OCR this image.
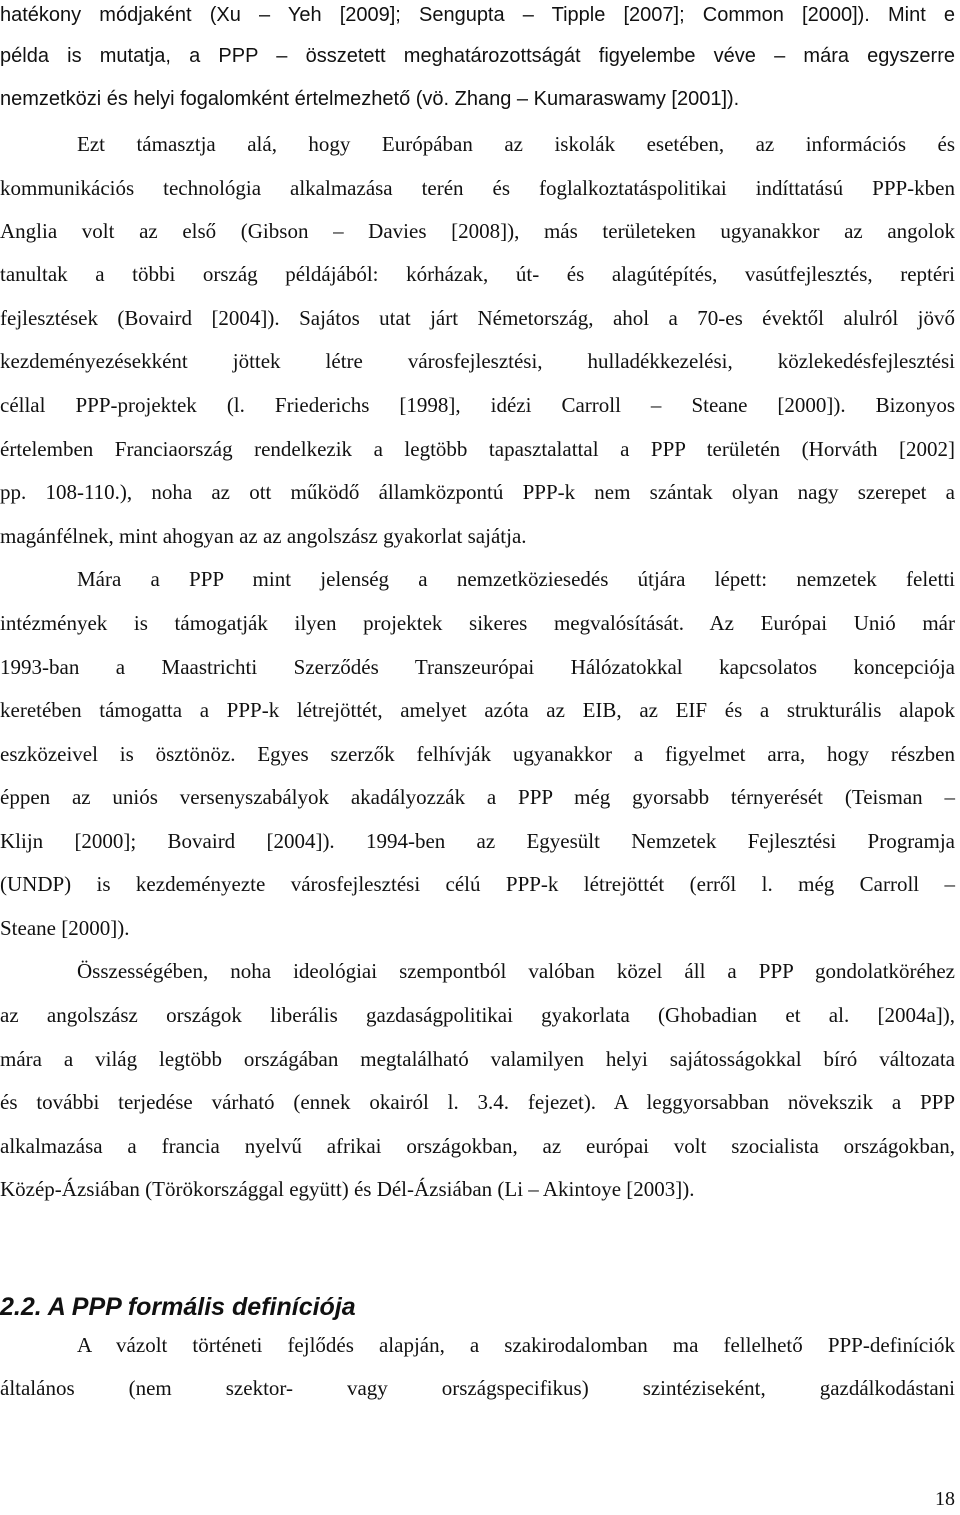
hatékony módjaként (Xu – Yeh [2009]; Sengupta – Tipple [2007]; Common [2000]). Mint e
példa is mutatja, a PPP – összetett meghatározottságát figyelembe véve – mára egyszerre
nemzetközi és helyi fogalomként értelmezhető (vö. Zhang – Kumaraswamy [2001]).
Ezt támasztja alá, hogy Európában az iskolák esetében, az információs és
kommunikációs technológia alkalmazása terén és foglalkoztatáspolitikai indíttatású PPP-kben
Anglia volt az első (Gibson – Davies [2008]), más területeken ugyanakkor az angolok
tanultak a többi ország példájából: kórházak, út- és alagútépítés, vasútfejlesztés, reptéri
fejlesztések (Bovaird [2004]). Sajátos utat járt Németország, ahol a 70-es évektől alulról jövő
kezdeményezésekként jöttek létre városfejlesztési, hulladékkezelési, közlekedésfejlesztési
céllal PPP-projektek (l. Friederichs [1998], idézi Carroll – Steane [2000]). Bizonyos
értelemben Franciaország rendelkezik a legtöbb tapasztalattal a PPP területén (Horváth [2002]
pp. 108-110.), noha az ott működő államközpontú PPP-k nem szántak olyan nagy szerepet a
magánfélnek, mint ahogyan az az angolszász gyakorlat sajátja.
Mára a PPP mint jelenség a nemzetköziesedés útjára lépett: nemzetek feletti
intézmények is támogatják ilyen projektek sikeres megvalósítását. Az Európai Unió már
1993-ban a Maastrichti Szerződés Transzeurópai Hálózatokkal kapcsolatos koncepciója
keretében támogatta a PPP-k létrejöttét, amelyet azóta az EIB, az EIF és a strukturális alapok
eszközeivel is ösztönöz. Egyes szerzők felhívják ugyanakkor a figyelmet arra, hogy részben
éppen az uniós versenyszabályok akadályozzák a PPP még gyorsabb térnyerését (Teisman –
Klijn [2000]; Bovaird [2004]). 1994-ben az Egyesült Nemzetek Fejlesztési Programja
(UNDP) is kezdeményezte városfejlesztési célú PPP-k létrejöttét (erről l. még Carroll –
Steane [2000]).
Összességében, noha ideológiai szempontból valóban közel áll a PPP gondolatköréhez
az angolszász országok liberális gazdaságpolitikai gyakorlata (Ghobadian et al. [2004a]),
mára a világ legtöbb országában megtalálható valamilyen helyi sajátosságokkal bíró változata
és további terjedése várható (ennek okairól l. 3.4. fejezet). A leggyorsabban növekszik a PPP
alkalmazása a francia nyelvű afrikai országokban, az európai volt szocialista országokban,
Közép-Ázsiában (Törökországgal együtt) és Dél-Ázsiában (Li – Akintoye [2003]).
2.2. A PPP formális definíciója
A vázolt történeti fejlődés alapján, a szakirodalomban ma fellelhető PPP-definíciók
általános (nem szektor- vagy országspecifikus) szintéziseként, gazdálkodástani
18
